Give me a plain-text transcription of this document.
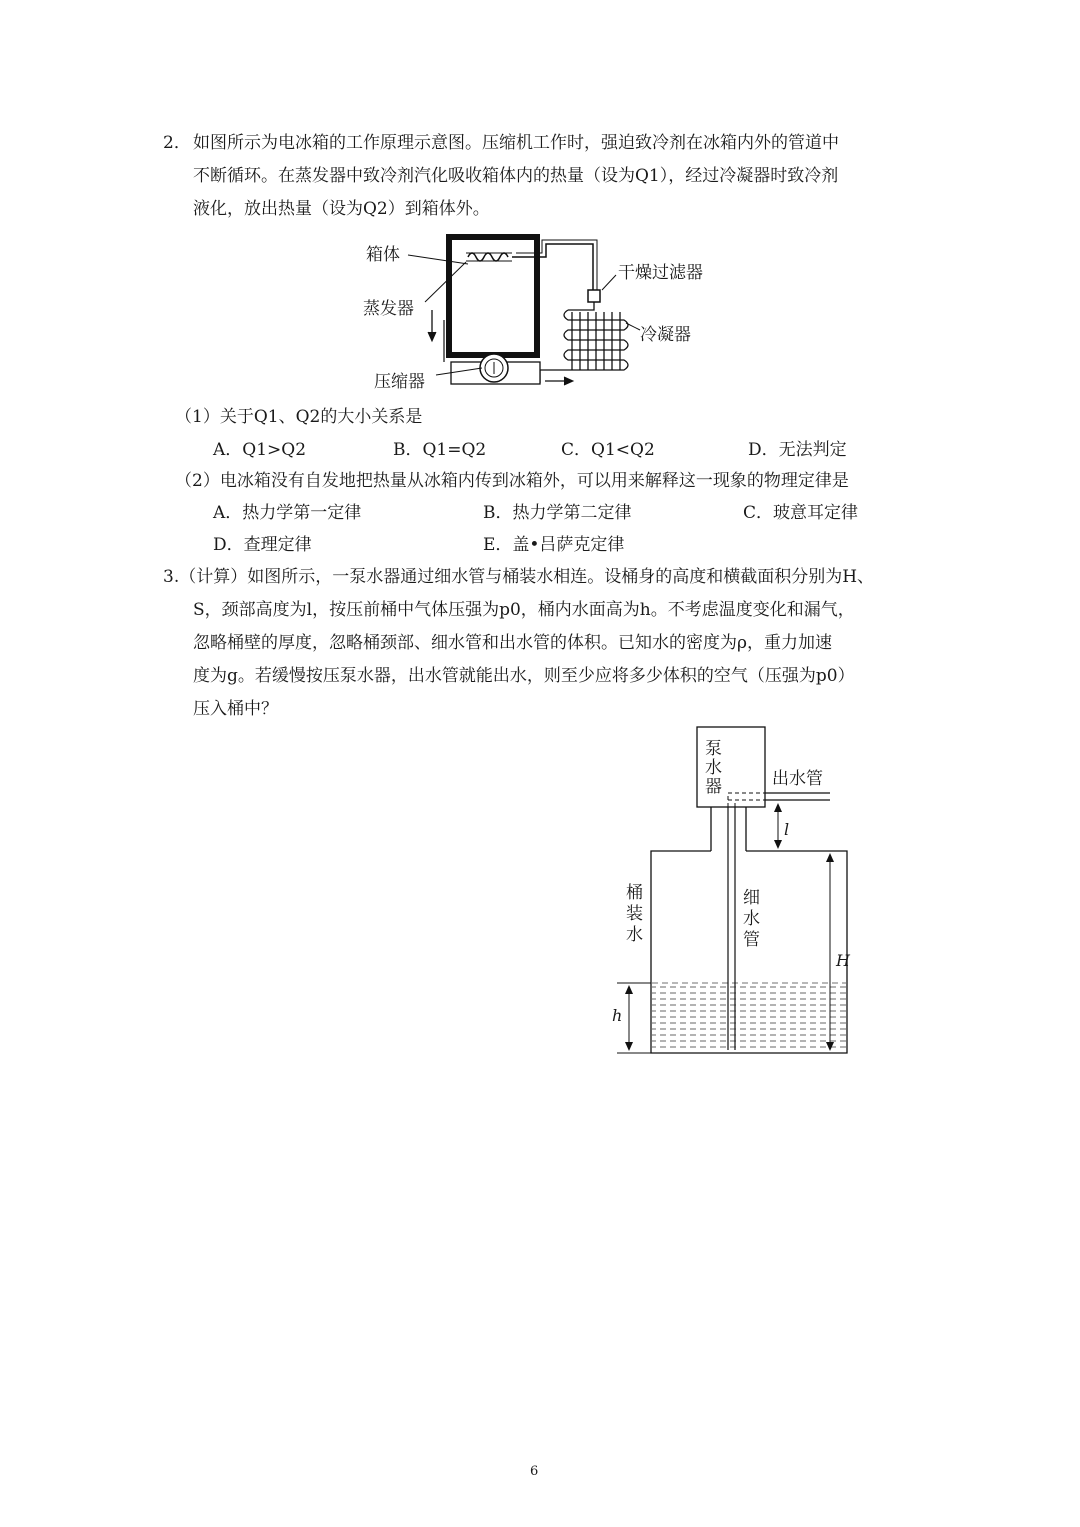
2． 如图所示为电冰箱的工作原理示意图。压缩机工作时，强迫致冷剂在冰箱内外的管道中
不断循环。在蒸发器中致冷剂汽化吸收箱体内的热量（设为Q1），经过冷凝器时致冷剂
液化，放出热量（设为Q2）到箱体外。
箱体
蒸发器
压缩器
干燥过滤器
冷凝器
（1）关于Q1、Q2的大小关系是
A．Q1>Q2	B．Q1=Q2	C．Q1<Q2	D．无法判定
（2）电冰箱没有自发地把热量从冰箱内传到冰箱外，可以用来解释这一现象的物理定律是
A．热力学第一定律	B．热力学第二定律	C．玻意耳定律
D．查理定律	E．盖•吕萨克定律
3.（计算）如图所示，一泵水器通过细水管与桶装水相连。设桶身的高度和横截面积分别为H、
S，颈部高度为l，按压前桶中气体压强为p0，桶内水面高为h。不考虑温度变化和漏气，
忽略桶壁的厚度，忽略桶颈部、细水管和出水管的体积。已知水的密度为ρ，重力加速
度为g。若缓慢按压泵水器，出水管就能出水，则至少应将多少体积的空气（压强为p0）
压入桶中？
泵
水
器	出水管
桶
装
水
细
水
管
l
H
h
6
